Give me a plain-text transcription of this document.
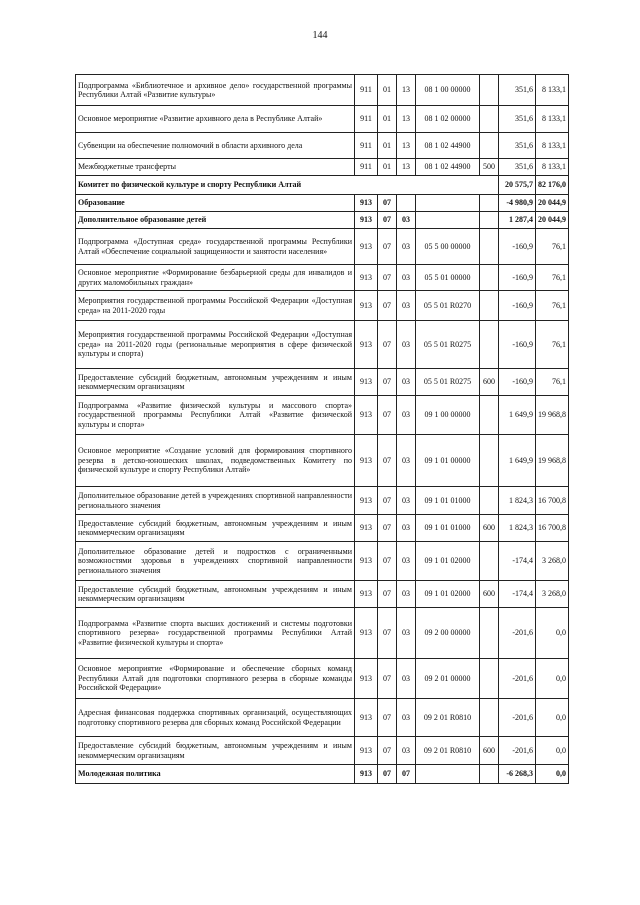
144
Подпрограмма «Библиотечное и архивное дело» государственной программы Республики Алтай «Развитие культуры»	911	01	13	08 1 00 00000		351,6	8 133,1
Основное мероприятие «Развитие архивного дела в Республике Алтай»	911	01	13	08 1 02 00000		351,6	8 133,1
Субвенции на обеспечение полномочий в области архивного дела	911	01	13	08 1 02 44900		351,6	8 133,1
Межбюджетные трансферты	911	01	13	08 1 02 44900	500	351,6	8 133,1
Комитет по физической культуре и спорту Республики Алтай						20 575,7	82 176,0
Образование	913	07				-4 980,9	20 044,9
Дополнительное образование детей	913	07	03			1 287,4	20 044,9
Подпрограмма «Доступная среда» государственной программы Республики Алтай «Обеспечение социальной защищенности и занятости населения»	913	07	03	05 5 00 00000		-160,9	76,1
Основное мероприятие «Формирование безбарьерной среды для инвалидов и других маломобильных граждан»	913	07	03	05 5 01 00000		-160,9	76,1
Мероприятия государственной программы Российской Федерации «Доступная среда» на 2011-2020 годы	913	07	03	05 5 01 R0270		-160,9	76,1
Мероприятия государственной программы Российской Федерации «Доступная среда» на 2011-2020 годы (региональные мероприятия в сфере физической культуры и спорта)	913	07	03	05 5 01 R0275		-160,9	76,1
Предоставление субсидий бюджетным, автономным учреждениям и иным некоммерческим организациям	913	07	03	05 5 01 R0275	600	-160,9	76,1
Подпрограмма «Развитие физической культуры и массового спорта» государственной программы Республики Алтай «Развитие физической культуры и спорта»	913	07	03	09 1 00 00000		1 649,9	19 968,8
Основное мероприятие «Создание условий для формирования спортивного резерва в детско-юношеских школах, подведомственных Комитету по физической культуре и спорту Республики Алтай»	913	07	03	09 1 01 00000		1 649,9	19 968,8
Дополнительное образование детей в учреждениях спортивной направленности регионального значения	913	07	03	09 1 01 01000		1 824,3	16 700,8
Предоставление субсидий бюджетным, автономным учреждениям и иным некоммерческим организациям	913	07	03	09 1 01 01000	600	1 824,3	16 700,8
Дополнительное образование детей и подростков с ограниченными возможностями здоровья в учреждениях спортивной направленности регионального значения	913	07	03	09 1 01 02000		-174,4	3 268,0
Предоставление субсидий бюджетным, автономным учреждениям и иным некоммерческим организациям	913	07	03	09 1 01 02000	600	-174,4	3 268,0
Подпрограмма «Развитие спорта высших достижений и системы подготовки спортивного резерва» государственной программы Республики Алтай «Развитие физической культуры и спорта»	913	07	03	09 2 00 00000		-201,6	0,0
Основное мероприятие «Формирование и обеспечение сборных команд Республики Алтай для подготовки спортивного резерва в сборные команды Российской Федерации»	913	07	03	09 2 01 00000		-201,6	0,0
Адресная финансовая поддержка спортивных организаций, осуществляющих подготовку спортивного резерва для сборных команд Российской Федерации	913	07	03	09 2 01 R0810		-201,6	0,0
Предоставление субсидий бюджетным, автономным учреждениям и иным некоммерческим организациям	913	07	03	09 2 01 R0810	600	-201,6	0,0
Молодежная политика	913	07	07			-6 268,3	0,0
